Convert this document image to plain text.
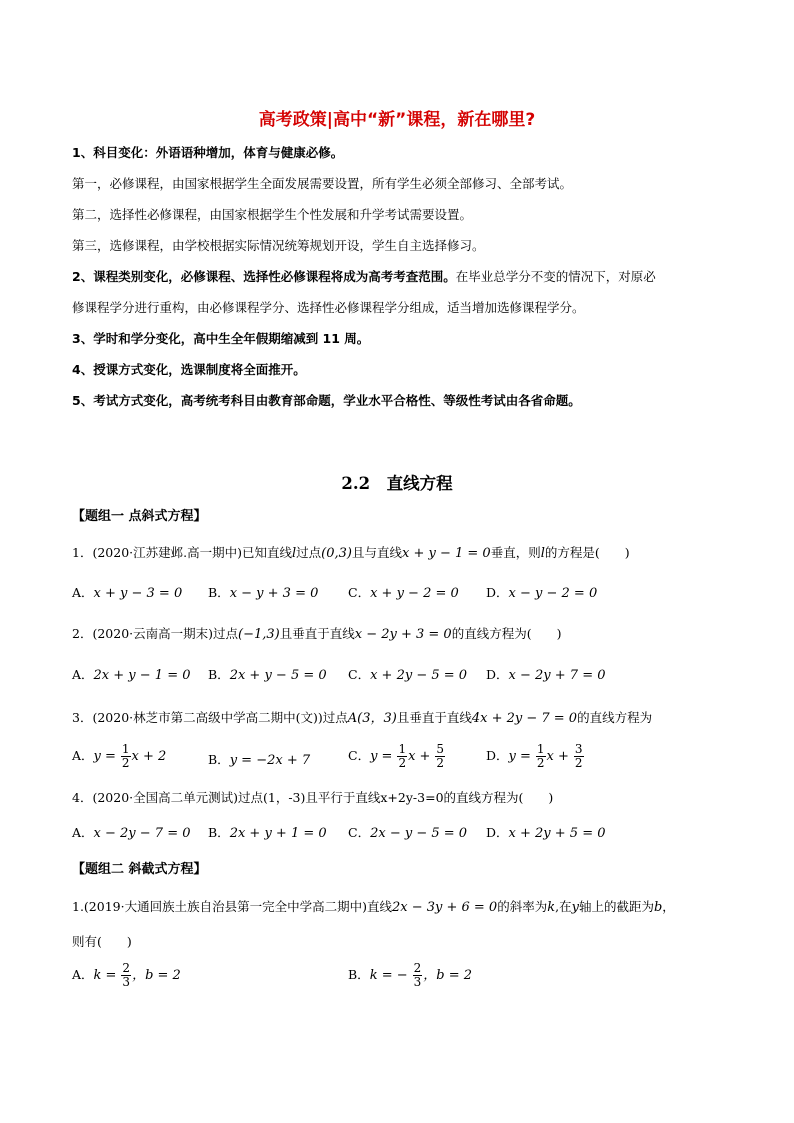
高考政策|高中“新”课程，新在哪里?
1、科目变化：外语语种增加，体育与健康必修。
第一，必修课程，由国家根据学生全面发展需要设置，所有学生必须全部修习、全部考试。
第二，选择性必修课程，由国家根据学生个性发展和升学考试需要设置。
第三，选修课程，由学校根据实际情况统筹规划开设，学生自主选择修习。
2、课程类别变化，必修课程、选择性必修课程将成为高考考查范围。在毕业总学分不变的情况下，对原必
修课程学分进行重构，由必修课程学分、选择性必修课程学分组成，适当增加选修课程学分。
3、学时和学分变化，高中生全年假期缩减到 11 周。
4、授课方式变化，选课制度将全面推开。
5、考试方式变化，高考统考科目由教育部命题，学业水平合格性、等级性考试由各省命题。
2.2　直线方程
【题组一 点斜式方程】
1．(2020·江苏建邺.高一期中)已知直线l过点(0,3)且与直线x + y − 1 = 0垂直，则l的方程是(　　)
A．x + y − 3 = 0 B．x − y + 3 = 0 C．x + y − 2 = 0 D．x − y − 2 = 0
2．(2020·云南高一期末)过点(−1,3)且垂直于直线x − 2y + 3 = 0的直线方程为(　　)
A．2x + y − 1 = 0 B．2x + y − 5 = 0 C．x + 2y − 5 = 0 D．x − 2y + 7 = 0
3．(2020·林芝市第二高级中学高二期中(文))过点A(3，3)且垂直于直线4x + 2y − 7 = 0的直线方程为
A．$y = \frac{1}{2}$ x + 2	B．y = −2x + 7	C．$y = \frac{1}{2}$ $x + \frac{5}{2}$	D．$y = \frac{1}{2}$ $x + \frac{3}{2}$
4．(2020·全国高二单元测试)过点(1，-3)且平行于直线x+2y-3=0的直线方程为(　　)
A．x − 2y − 7 = 0 B．2x + y + 1 = 0 C．2x − y − 5 = 0 D．x + 2y + 5 = 0
【题组二 斜截式方程】
1.(2019·大通回族土族自治县第一完全中学高二期中)直线2x − 3y + 6 = 0的斜率为k,在y轴上的截距为b，
则有(　　)
A．$k = \frac{2}{3}$ ，b = 2	B．k = − $\frac{2}{3}$ ，b = 2
